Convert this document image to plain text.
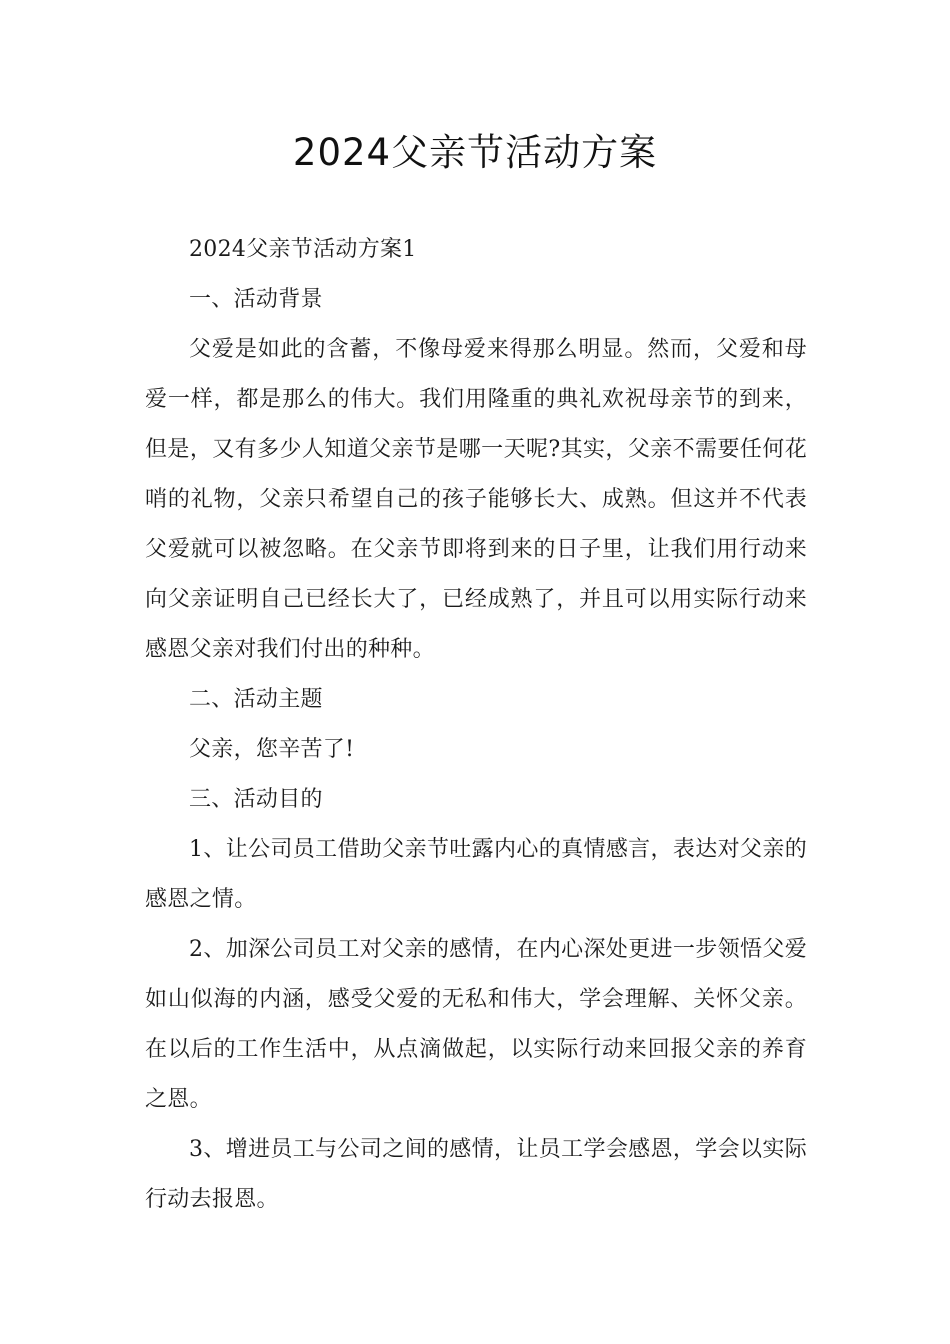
2024父亲节活动方案

2024父亲节活动方案1

一、活动背景

父爱是如此的含蓄，不像母爱来得那么明显。然而，父爱和母爱一样，都是那么的伟大。我们用隆重的典礼欢祝母亲节的到来，但是，又有多少人知道父亲节是哪一天呢?其实，父亲不需要任何花哨的礼物，父亲只希望自己的孩子能够长大、成熟。但这并不代表父爱就可以被忽略。在父亲节即将到来的日子里，让我们用行动来向父亲证明自己已经长大了，已经成熟了，并且可以用实际行动来感恩父亲对我们付出的种种。

二、活动主题

父亲，您辛苦了!

三、活动目的

1、让公司员工借助父亲节吐露内心的真情感言，表达对父亲的感恩之情。

2、加深公司员工对父亲的感情，在内心深处更进一步领悟父爱如山似海的内涵，感受父爱的无私和伟大，学会理解、关怀父亲。在以后的工作生活中，从点滴做起，以实际行动来回报父亲的养育之恩。

3、增进员工与公司之间的感情，让员工学会感恩，学会以实际行动去报恩。
